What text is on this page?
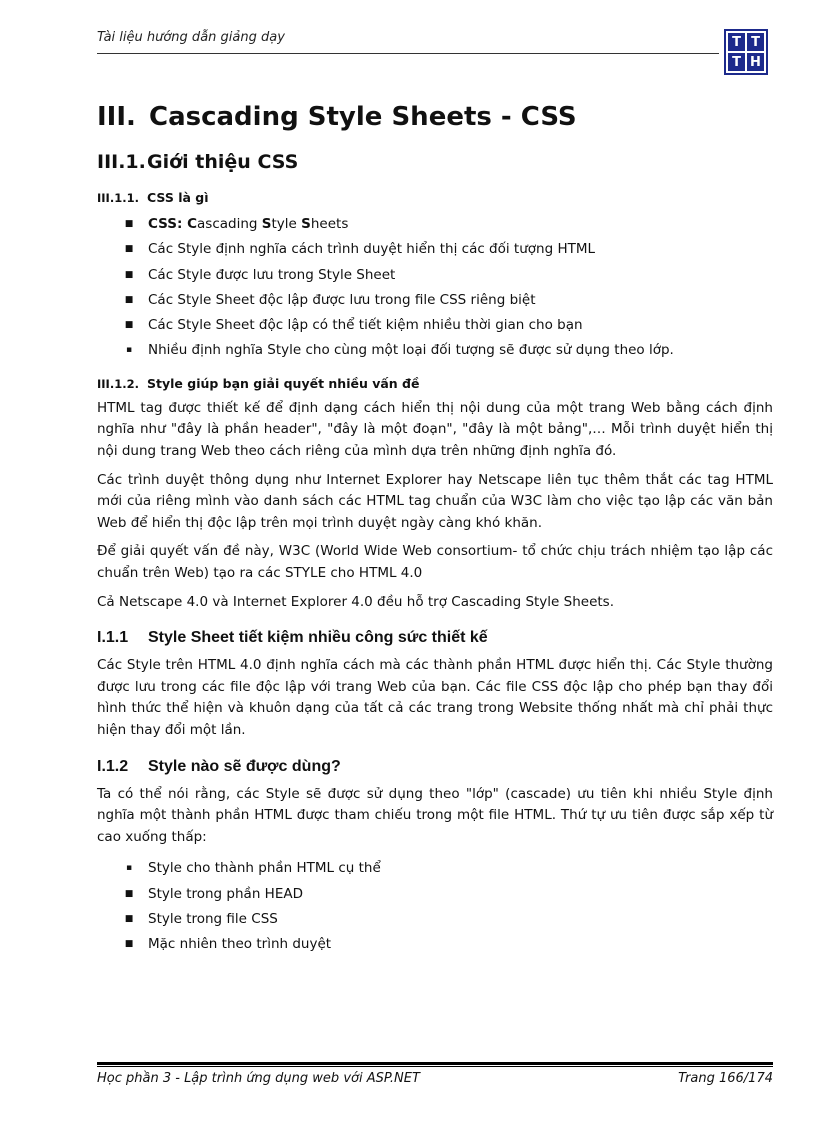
Tài liệu hướng dẫn giảng dạy	T T
T H
III. Cascading Style Sheets - CSS
III.1.Giới thiệu CSS
III.1.1. CSS là gì
■ CSS: Cascading Style Sheets
■ Các Style định nghĩa cách trình duyệt hiển thị các đối tượng HTML
■ Các Style được lưu trong Style Sheet
■ Các Style Sheet độc lập được lưu trong file CSS riêng biệt
■ Các Style Sheet độc lập có thể tiết kiệm nhiều thời gian cho bạn
▪ Nhiều định nghĩa Style cho cùng một loại đối tượng sẽ được sử dụng theo lớp.
III.1.2. Style giúp bạn giải quyết nhiều vấn đề

HTML tag được thiết kế để định dạng cách hiển thị nội dung của một trang Web bằng cách định nghĩa như "đây là phần header", "đây là một đoạn", "đây là một bảng",… Mỗi trình duyệt hiển thị nội dung trang Web theo cách riêng của mình dựa trên những định nghĩa đó.

Các trình duyệt thông dụng như Internet Explorer hay Netscape liên tục thêm thắt các tag HTML mới của riêng mình vào danh sách các HTML tag chuẩn của W3C làm cho việc tạo lập các văn bản Web để hiển thị độc lập trên mọi trình duyệt ngày càng khó khăn.

Để giải quyết vấn đề này, W3C (World Wide Web consortium- tổ chức chịu trách nhiệm tạo lập các chuẩn trên Web) tạo ra các STYLE cho HTML 4.0

Cả Netscape 4.0 và Internet Explorer 4.0 đều hỗ trợ Cascading Style Sheets.

I.1.1 Style Sheet tiết kiệm nhiều công sức thiết kế

Các Style trên HTML 4.0 định nghĩa cách mà các thành phần HTML được hiển thị. Các Style thường được lưu trong các file độc lập với trang Web của bạn. Các file CSS độc lập cho phép bạn thay đổi hình thức thể hiện và khuôn dạng của tất cả các trang trong Website thống nhất mà chỉ phải thực hiện thay đổi một lần.

I.1.2 Style nào sẽ được dùng?

Ta có thể nói rằng, các Style sẽ được sử dụng theo "lớp" (cascade) ưu tiên khi nhiều Style định nghĩa một thành phần HTML được tham chiếu trong một file HTML. Thứ tự ưu tiên được sắp xếp từ cao xuống thấp:

▪ Style cho thành phần HTML cụ thể
■ Style trong phần HEAD
■ Style trong file CSS
■ Mặc nhiên theo trình duyệt
Học phần 3 - Lập trình ứng dụng web với ASP.NET	Trang 166/174
